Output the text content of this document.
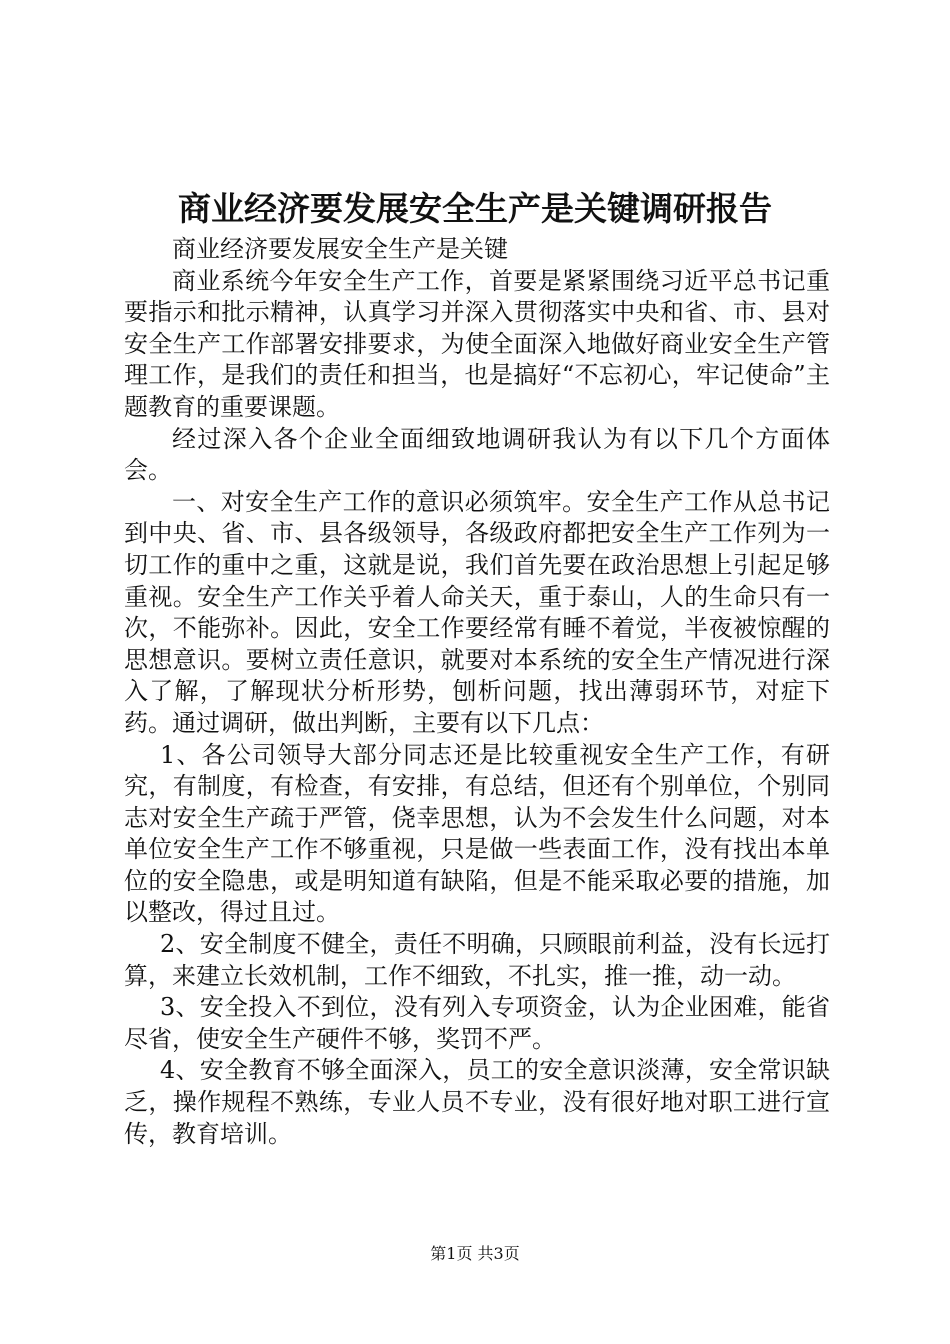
商业经济要发展安全生产是关键调研报告

商业经济要发展安全生产是关键

商业系统今年安全生产工作，首要是紧紧围绕习近平总书记重要指示和批示精神，认真学习并深入贯彻落实中央和省、市、县对安全生产工作部署安排要求，为使全面深入地做好商业安全生产管理工作，是我们的责任和担当，也是搞好“不忘初心，牢记使命”主题教育的重要课题。

经过深入各个企业全面细致地调研我认为有以下几个方面体会。

一、对安全生产工作的意识必须筑牢。安全生产工作从总书记到中央、省、市、县各级领导，各级政府都把安全生产工作列为一切工作的重中之重，这就是说，我们首先要在政治思想上引起足够重视。安全生产工作关乎着人命关天，重于泰山，人的生命只有一次，不能弥补。因此，安全工作要经常有睡不着觉，半夜被惊醒的思想意识。要树立责任意识，就要对本系统的安全生产情况进行深入了解，了解现状分析形势，刨析问题，找出薄弱环节，对症下药。通过调研，做出判断，主要有以下几点：

1、各公司领导大部分同志还是比较重视安全生产工作，有研究，有制度，有检查，有安排，有总结，但还有个别单位，个别同志对安全生产疏于严管，侥幸思想，认为不会发生什么问题，对本单位安全生产工作不够重视，只是做一些表面工作，没有找出本单位的安全隐患，或是明知道有缺陷，但是不能采取必要的措施，加以整改，得过且过。

2、安全制度不健全，责任不明确，只顾眼前利益，没有长远打算，来建立长效机制，工作不细致，不扎实，推一推，动一动。

3、安全投入不到位，没有列入专项资金，认为企业困难，能省尽省，使安全生产硬件不够，奖罚不严。

4、安全教育不够全面深入，员工的安全意识淡薄，安全常识缺乏，操作规程不熟练，专业人员不专业，没有很好地对职工进行宣传，教育培训。

第1页 共3页
